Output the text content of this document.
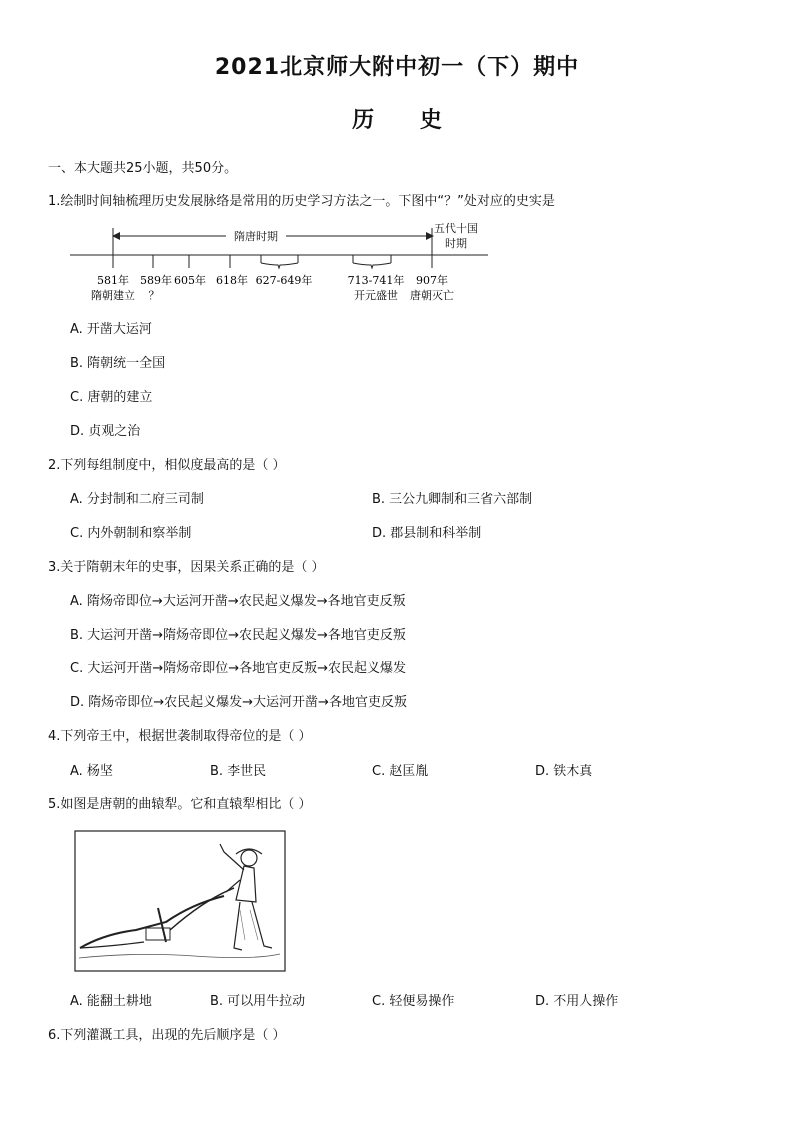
2021北京师大附中初一（下）期中
历 史
一、本大题共25小题，共50分。
1.绘制时间轴梳理历史发展脉络是常用的历史学习方法之一。下图中“？”处对应的史实是
隋唐时期
五代十国
时期
581年 589年 605年 618年 627-649年	713-741年 907年
隋朝建立 ？	开元盛世 唐朝灭亡
A. 开凿大运河
B. 隋朝统一全国
C. 唐朝的建立
D. 贞观之治
2.下列每组制度中，相似度最高的是（ ）
A. 分封制和二府三司制	B. 三公九卿制和三省六部制
C. 内外朝制和察举制	D. 郡县制和科举制
3.关于隋朝末年的史事，因果关系正确的是（ ）
A. 隋炀帝即位→大运河开凿→农民起义爆发→各地官吏反叛
B. 大运河开凿→隋炀帝即位→农民起义爆发→各地官吏反叛
C. 大运河开凿→隋炀帝即位→各地官吏反叛→农民起义爆发
D. 隋炀帝即位→农民起义爆发→大运河开凿→各地官吏反叛
4.下列帝王中，根据世袭制取得帝位的是（ ）
A. 杨坚	B. 李世民	C. 赵匡胤	D. 铁木真
5.如图是唐朝的曲辕犁。它和直辕犁相比（ ）
A. 能翻土耕地	B. 可以用牛拉动	C. 轻便易操作	D. 不用人操作
6.下列灌溉工具，出现的先后顺序是（ ）
